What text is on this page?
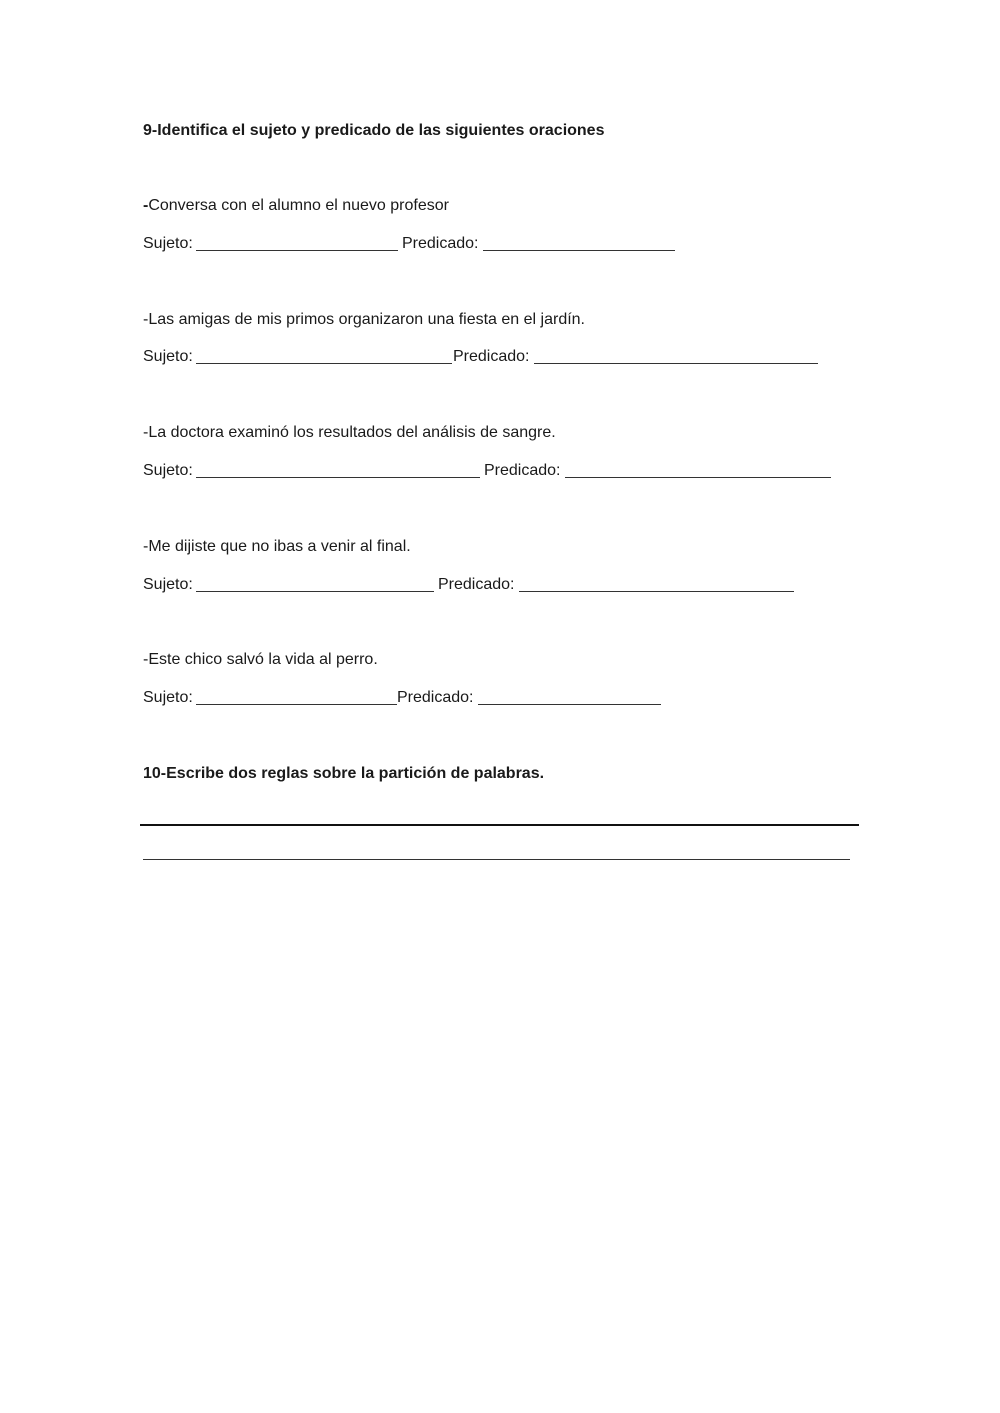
9-Identifica el sujeto y predicado de las siguientes oraciones
-Conversa con el alumno el nuevo profesor
Sujeto:	Predicado:
-Las amigas de mis primos organizaron una fiesta en el jardín.
Sujeto:	Predicado:
-La doctora examinó los resultados del análisis de sangre.
Sujeto:	Predicado:
-Me dijiste que no ibas a venir al final.
Sujeto:	Predicado:
-Este chico salvó la vida al perro.
Sujeto:	Predicado:
10-Escribe dos reglas sobre la partición de palabras.
